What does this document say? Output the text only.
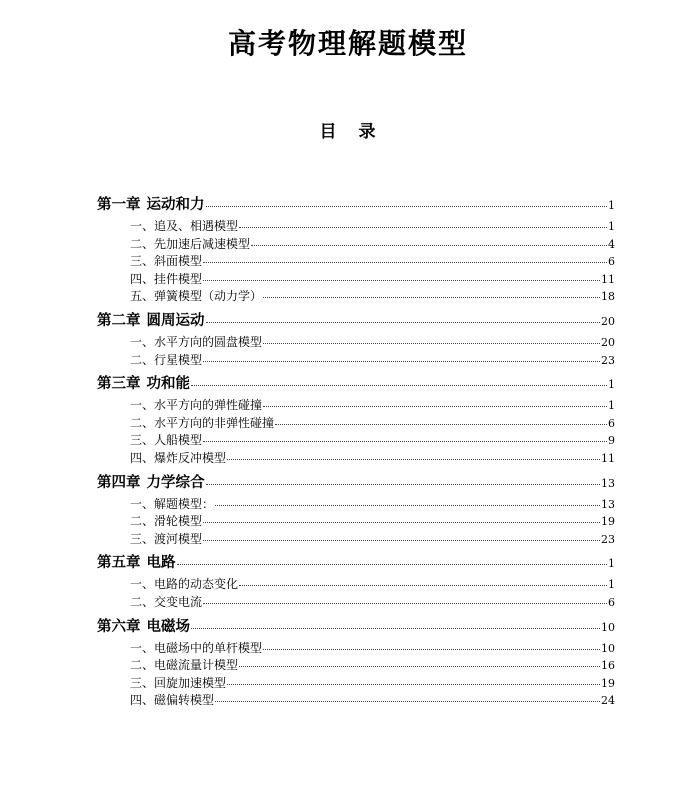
高考物理解题模型
目 录
第一章 运动和力	1
一、追及、相遇模型	1
二、先加速后减速模型	4
三、斜面模型	6
四、挂件模型	11
五、弹簧模型（动力学）	18
第二章 圆周运动	20
一、水平方向的圆盘模型	20
二、行星模型	23
第三章 功和能	1
一、水平方向的弹性碰撞	1
二、水平方向的非弹性碰撞	6
三、人船模型	9
四、爆炸反冲模型	11
第四章 力学综合	13
一、解题模型：	13
二、滑轮模型	19
三、渡河模型	23
第五章 电路	1
一、电路的动态变化	1
二、交变电流	6
第六章 电磁场	10
一、电磁场中的单杆模型	10
二、电磁流量计模型	16
三、回旋加速模型	19
四、磁偏转模型	24
